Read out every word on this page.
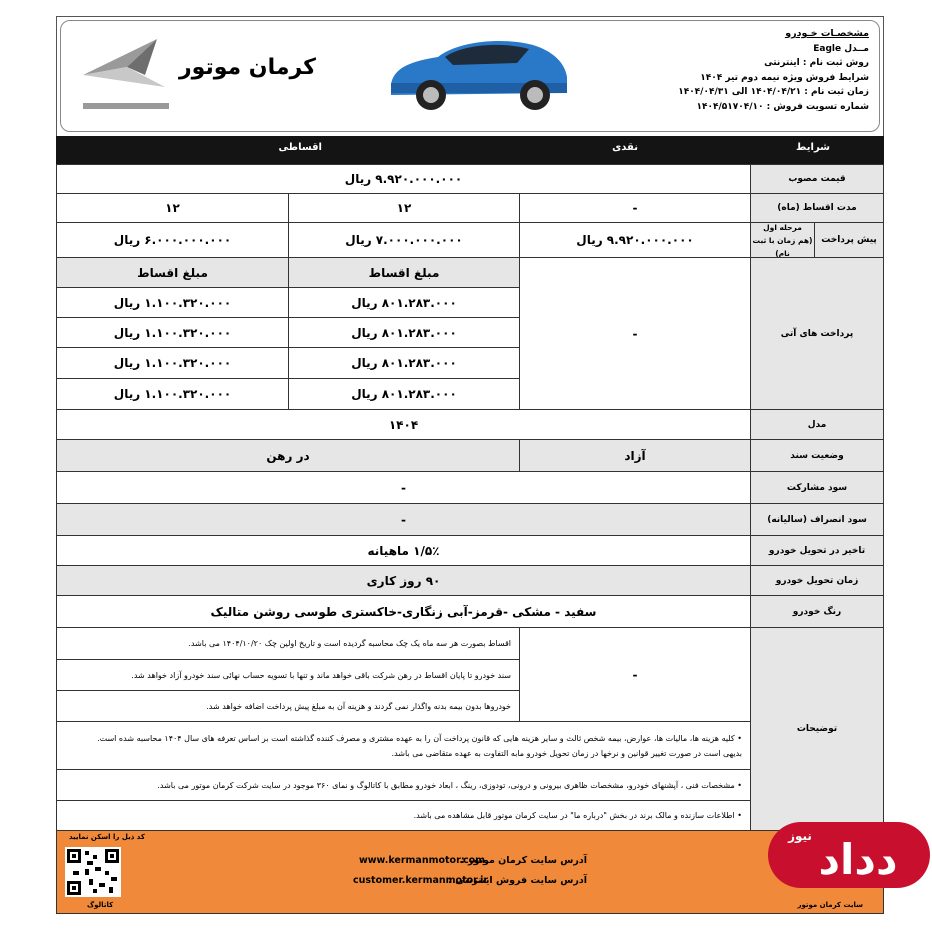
کرمان موتور
مشخصـات خـودرو
مــدل Eagle
روش ثبت نام : اینترنتی
شرایط فروش ویژه نیمه دوم تیر ۱۴۰۴
زمان ثبت نام : ۱۴۰۴/۰۴/۲۱ الی ۱۴۰۴/۰۴/۳۱
شماره تسویت فروش : ۱۴۰۴/۵۱۷۰۴/۱۰
شرایط
نقدی
اقساطی
قیمت مصوب
۹.۹۲۰.۰۰۰.۰۰۰ ریال
مدت اقساط (ماه)
-
۱۲
۱۲
پیش پرداخت
مرحله اول
(هم زمان با ثبت نام)
۹.۹۲۰.۰۰۰.۰۰۰ ریال
۷.۰۰۰.۰۰۰.۰۰۰ ریال
۶.۰۰۰.۰۰۰.۰۰۰ ریال
پرداخت های آتی
-
مبلغ اقساط
مبلغ اقساط
۸۰۱.۲۸۳.۰۰۰ ریال
۸۰۱.۲۸۳.۰۰۰ ریال
۸۰۱.۲۸۳.۰۰۰ ریال
۸۰۱.۲۸۳.۰۰۰ ریال
۱.۱۰۰.۳۲۰.۰۰۰ ریال
۱.۱۰۰.۳۲۰.۰۰۰ ریال
۱.۱۰۰.۳۲۰.۰۰۰ ریال
۱.۱۰۰.۳۲۰.۰۰۰ ریال
مدل
۱۴۰۴
وضعیت سند
آزاد
در رهن
سود مشارکت
-
سود انصراف (سالیانه)
-
تاخیر در تحویل خودرو
۱/۵٪ ماهیانه
زمان تحویل خودرو
۹۰ روز کاری
رنگ خودرو
سفید - مشکی -قرمز-آبی زنگاری-خاکستری طوسی روشن متالیک
توضیحات
-
اقساط بصورت هر سه ماه یک چک محاسبه گردیده است و تاریخ اولین چک ۱۴۰۴/۱۰/۲۰ می باشد.
سند خودرو تا پایان اقساط در رهن شرکت باقی خواهد ماند و تنها با تسویه حساب نهائی سند خودرو آزاد خواهد شد.
خودروها بدون بیمه بدنه واگذار نمی گردند و هزینه آن به مبلغ پیش پرداخت اضافه خواهد شد.
• کلیه هزینه ها، مالیات ها، عوارض، بیمه شخص ثالث و سایر هزینه هایی که قانون پرداخت آن را به عهده مشتری و مصرف کننده گذاشته است بر اساس تعرفه های سال ۱۴۰۴ محاسبه شده است.
بدیهی است در صورت تغییر قوانین و نرخها در زمان تحویل خودرو مابه التفاوت به عهده متقاضی می باشد.
• مشخصات فنی ، آپشنهای خودرو، مشخصات ظاهری بیرونی و درونی، تودوزی، رینگ ، ابعاد خودرو مطابق با کاتالوگ و نمای ۳۶۰ موجود در سایت شرکت کرمان موتور می باشد.
• اطلاعات سازنده و مالک برند در بخش "درباره ما" در سایت کرمان موتور قابل مشاهده می باشد.
کد ذیل را اسکن نمایید
کاتالوگ
آدرس سایت کرمان موتور :
www.kermanmotor.com
آدرس سایت فروش اینترنتی :
customer.kermanmotor.ir
سایت کرمان موتور
دداد
نیوز
